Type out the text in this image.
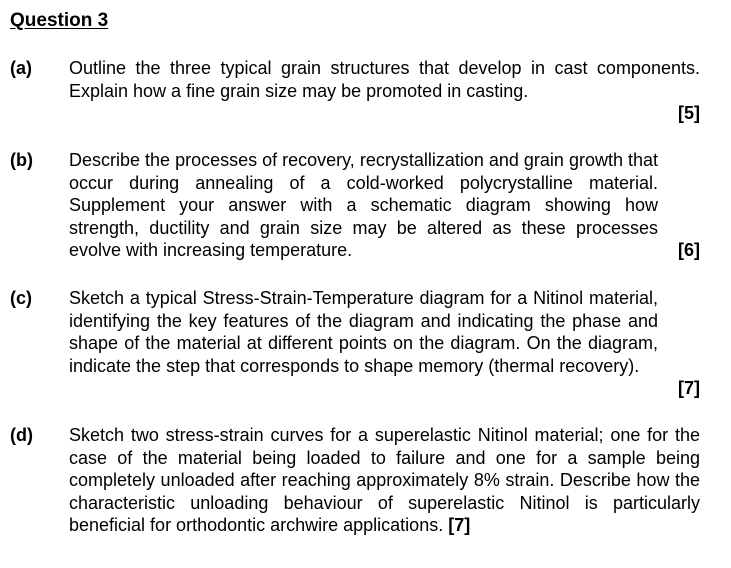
Question 3
(a) Outline the three typical grain structures that develop in cast components. Explain how a fine grain size may be promoted in casting.
[5]
(b)
[6]
Describe the processes of recovery, recrystallization and grain growth that occur during annealing of a cold-worked polycrystalline material. Supplement your answer with a schematic diagram showing how strength, ductility and grain size may be altered as these processes evolve with increasing temperature.
(c)
[7]
Sketch a typical Stress-Strain-Temperature diagram for a Nitinol material, identifying the key features of the diagram and indicating the phase and shape of the material at different points on the diagram. On the diagram, indicate the step that corresponds to shape memory (thermal recovery).
(d) Sketch two stress-strain curves for a superelastic Nitinol material; one for the case of the material being loaded to failure and one for a sample being completely unloaded after reaching approximately 8% strain. Describe how the characteristic unloading behaviour of superelastic Nitinol is particularly beneficial for orthodontic archwire applications. [7]
